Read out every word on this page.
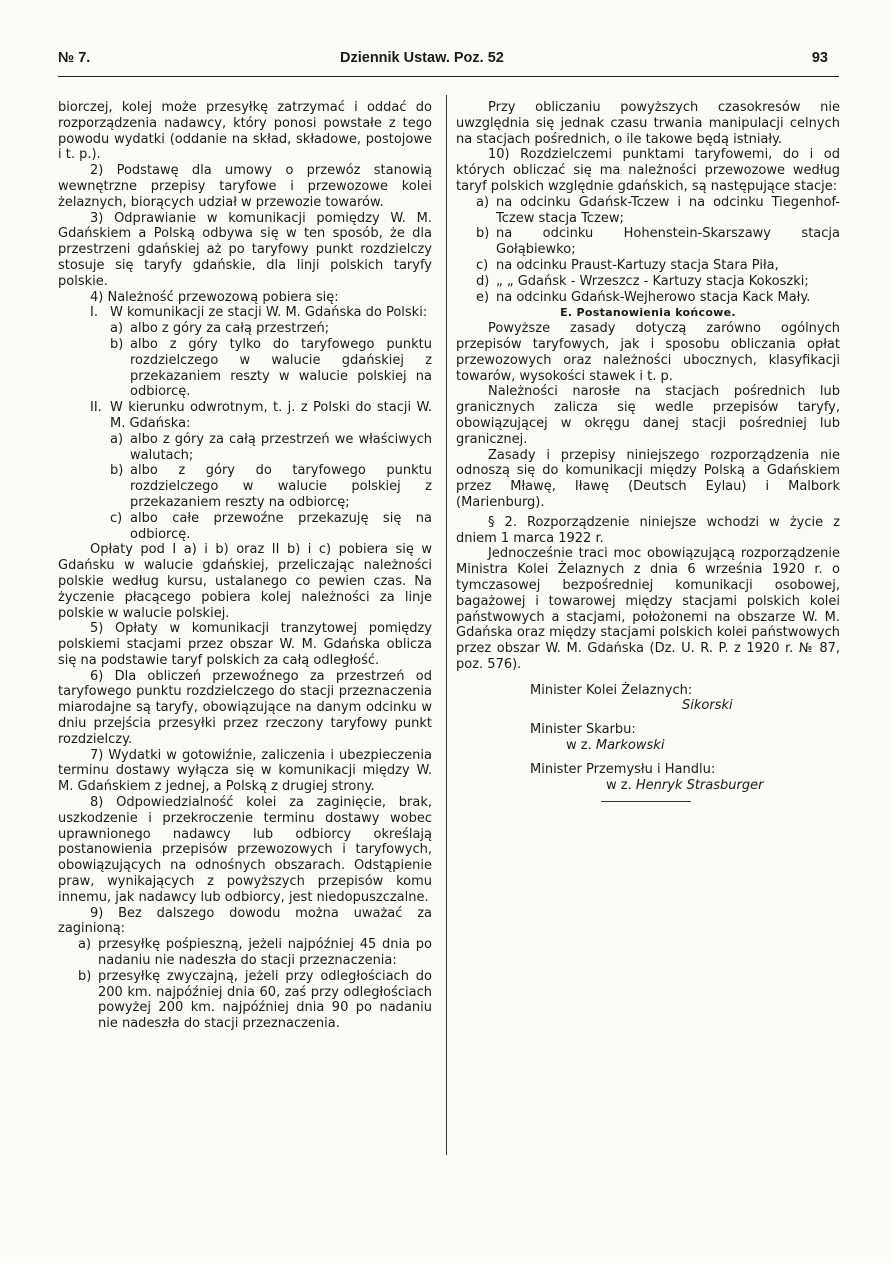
№ 7.	Dziennik Ustaw. Poz. 52	93

biorczej, kolej może przesyłkę zatrzymać i oddać do rozporządzenia nadawcy, który ponosi powstałe z tego powodu wydatki (oddanie na skład, składowe, postojowe i t. p.).

2) Podstawę dla umowy o przewóz stanowią wewnętrzne przepisy taryfowe i przewozowe kolei żelaznych, biorących udział w przewozie towarów.

3) Odprawianie w komunikacji pomiędzy W. M. Gdańskiem a Polską odbywa się w ten sposób, że dla przestrzeni gdańskiej aż po taryfowy punkt rozdzielczy stosuje się taryfy gdańskie, dla linji polskich taryfy polskie.

4) Należność przewozową pobiera się:

I. W komunikacji ze stacji W. M. Gdańska do Polski:
a) albo z góry za całą przestrzeń;
b) albo z góry tylko do taryfowego punktu rozdzielczego w walucie gdańskiej z przekazaniem reszty w walucie polskiej na odbiorcę.
II. W kierunku odwrotnym, t. j. z Polski do stacji W. M. Gdańska:
a) albo z góry za całą przestrzeń we właściwych walutach;
b) albo z góry do taryfowego punktu rozdzielczego w walucie polskiej z przekazaniem reszty na odbiorcę;
c) albo całe przewoźne przekazuję się na odbiorcę.

Opłaty pod I a) i b) oraz II b) i c) pobiera się w Gdańsku w walucie gdańskiej, przeliczając należności polskie według kursu, ustalanego co pewien czas. Na życzenie płacącego pobiera kolej należności za linje polskie w walucie polskiej.

5) Opłaty w komunikacji tranzytowej pomiędzy polskiemi stacjami przez obszar W. M. Gdańska oblicza się na podstawie taryf polskich za całą odległość.

6) Dla obliczeń przewoźnego za przestrzeń od taryfowego punktu rozdzielczego do stacji przeznaczenia miarodajne są taryfy, obowiązujące na danym odcinku w dniu przejścia przesyłki przez rzeczony taryfowy punkt rozdzielczy.

7) Wydatki w gotowiźnie, zaliczenia i ubezpieczenia terminu dostawy wyłącza się w komunikacji między W. M. Gdańskiem z jednej, a Polską z drugiej strony.

8) Odpowiedzialność kolei za zaginięcie, brak, uszkodzenie i przekroczenie terminu dostawy wobec uprawnionego nadawcy lub odbiorcy określają postanowienia przepisów przewozowych i taryfowych, obowiązujących na odnośnych obszarach. Odstąpienie praw, wynikających z powyższych przepisów komu innemu, jak nadawcy lub odbiorcy, jest niedopuszczalne.

9) Bez dalszego dowodu można uważać za zaginioną:

a) przesyłkę pośpieszną, jeżeli najpóźniej 45 dnia po nadaniu nie nadeszła do stacji przeznaczenia:
b) przesyłkę zwyczajną, jeżeli przy odległościach do 200 km. najpóźniej dnia 60, zaś przy odległościach powyżej 200 km. najpóźniej dnia 90 po nadaniu nie nadeszła do stacji przeznaczenia.

Przy obliczaniu powyższych czasokresów nie uwzględnia się jednak czasu trwania manipulacji celnych na stacjach pośrednich, o ile takowe będą istniały.

10) Rozdzielczemi punktami taryfowemi, do i od których obliczać się ma należności przewozowe według taryf polskich względnie gdańskich, są następujące stacje:

a) na odcinku Gdańsk-Tczew i na odcinku Tiegenhof-Tczew stacja Tczew;
b) na odcinku Hohenstein-Skarszawy stacja Gołąbiewko;
c) na odcinku Praust-Kartuzy stacja Stara Piła,
d) „ „ Gdańsk - Wrzeszcz - Kartuzy stacja Kokoszki;
e) na odcinku Gdańsk-Wejherowo stacja Kack Mały.

E. Postanowienia końcowe.

Powyższe zasady dotyczą zarówno ogólnych przepisów taryfowych, jak i sposobu obliczania opłat przewozowych oraz należności ubocznych, klasyfikacji towarów, wysokości stawek i t. p.

Należności narosłe na stacjach pośrednich lub granicznych zalicza się wedle przepisów taryfy, obowiązującej w okręgu danej stacji pośredniej lub granicznej.

Zasady i przepisy niniejszego rozporządzenia nie odnoszą się do komunikacji między Polską a Gdańskiem przez Mławę, Iławę (Deutsch Eylau) i Malbork (Marienburg).

§ 2. Rozporządzenie niniejsze wchodzi w życie z dniem 1 marca 1922 r.

Jednocześnie traci moc obowiązującą rozporządzenie Ministra Kolei Żelaznych z dnia 6 września 1920 r. o tymczasowej bezpośredniej komunikacji osobowej, bagażowej i towarowej między stacjami polskich kolei państwowych a stacjami, położonemi na obszarze W. M. Gdańska oraz między stacjami polskich kolei państwowych przez obszar W. M. Gdańska (Dz. U. R. P. z 1920 r. № 87, poz. 576).

Minister Kolei Żelaznych:

Sikorski

Minister Skarbu:

w z. Markowski

Minister Przemysłu i Handlu:

w z. Henryk Strasburger
